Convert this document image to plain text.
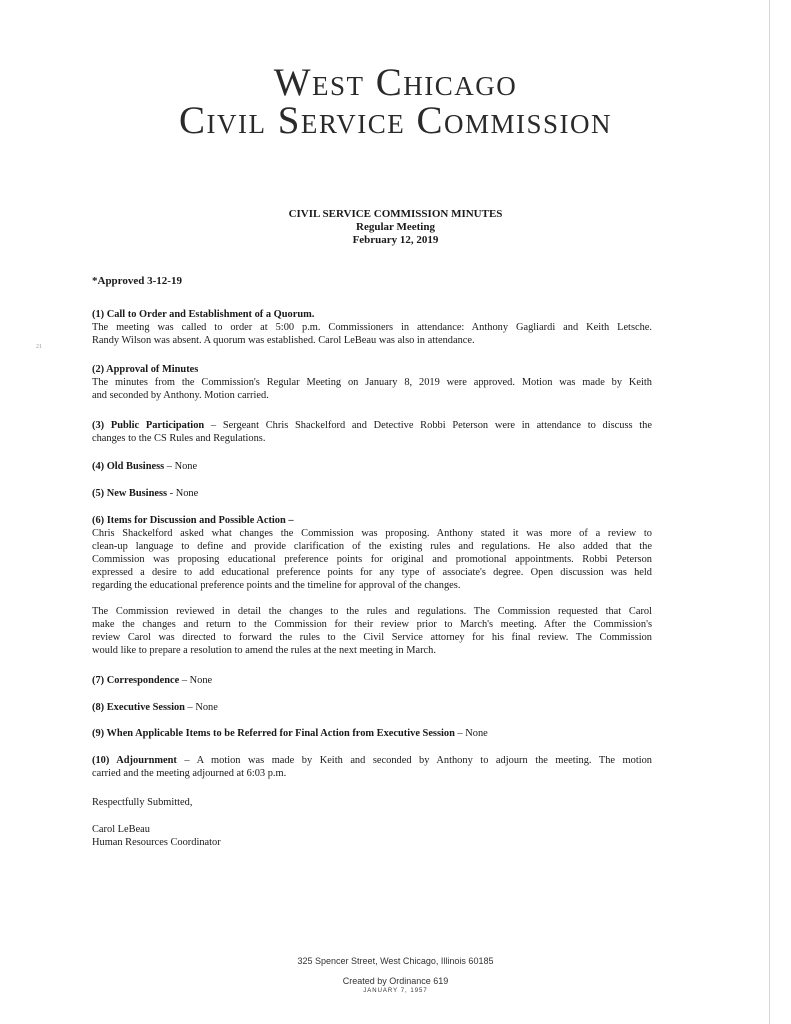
21
West Chicago
Civil Service Commission
CIVIL SERVICE COMMISSION MINUTES
Regular Meeting
February 12, 2019
*Approved 3-12-19
(1) Call to Order and Establishment of a Quorum.
The meeting was called to order at 5:00 p.m. Commissioners in attendance: Anthony Gagliardi and Keith Letsche.
Randy Wilson was absent. A quorum was established. Carol LeBeau was also in attendance.
(2) Approval of Minutes
The minutes from the Commission's Regular Meeting on January 8, 2019 were approved. Motion was made by Keith
and seconded by Anthony. Motion carried.
(3) Public Participation – Sergeant Chris Shackelford and Detective Robbi Peterson were in attendance to discuss the
changes to the CS Rules and Regulations.
(4) Old Business – None
(5) New Business - None
(6) Items for Discussion and Possible Action –
Chris Shackelford asked what changes the Commission was proposing. Anthony stated it was more of a review to
clean-up language to define and provide clarification of the existing rules and regulations. He also added that the
Commission was proposing educational preference points for original and promotional appointments. Robbi Peterson
expressed a desire to add educational preference points for any type of associate's degree. Open discussion was held
regarding the educational preference points and the timeline for approval of the changes.
The Commission reviewed in detail the changes to the rules and regulations. The Commission requested that Carol
make the changes and return to the Commission for their review prior to March's meeting. After the Commission's
review Carol was directed to forward the rules to the Civil Service attorney for his final review. The Commission
would like to prepare a resolution to amend the rules at the next meeting in March.
(7) Correspondence – None
(8) Executive Session – None
(9) When Applicable Items to be Referred for Final Action from Executive Session – None
(10) Adjournment – A motion was made by Keith and seconded by Anthony to adjourn the meeting. The motion
carried and the meeting adjourned at 6:03 p.m.
Respectfully Submitted,
Carol LeBeau
Human Resources Coordinator
325 Spencer Street, West Chicago, Illinois 60185
Created by Ordinance 619
JANUARY 7, 1957
